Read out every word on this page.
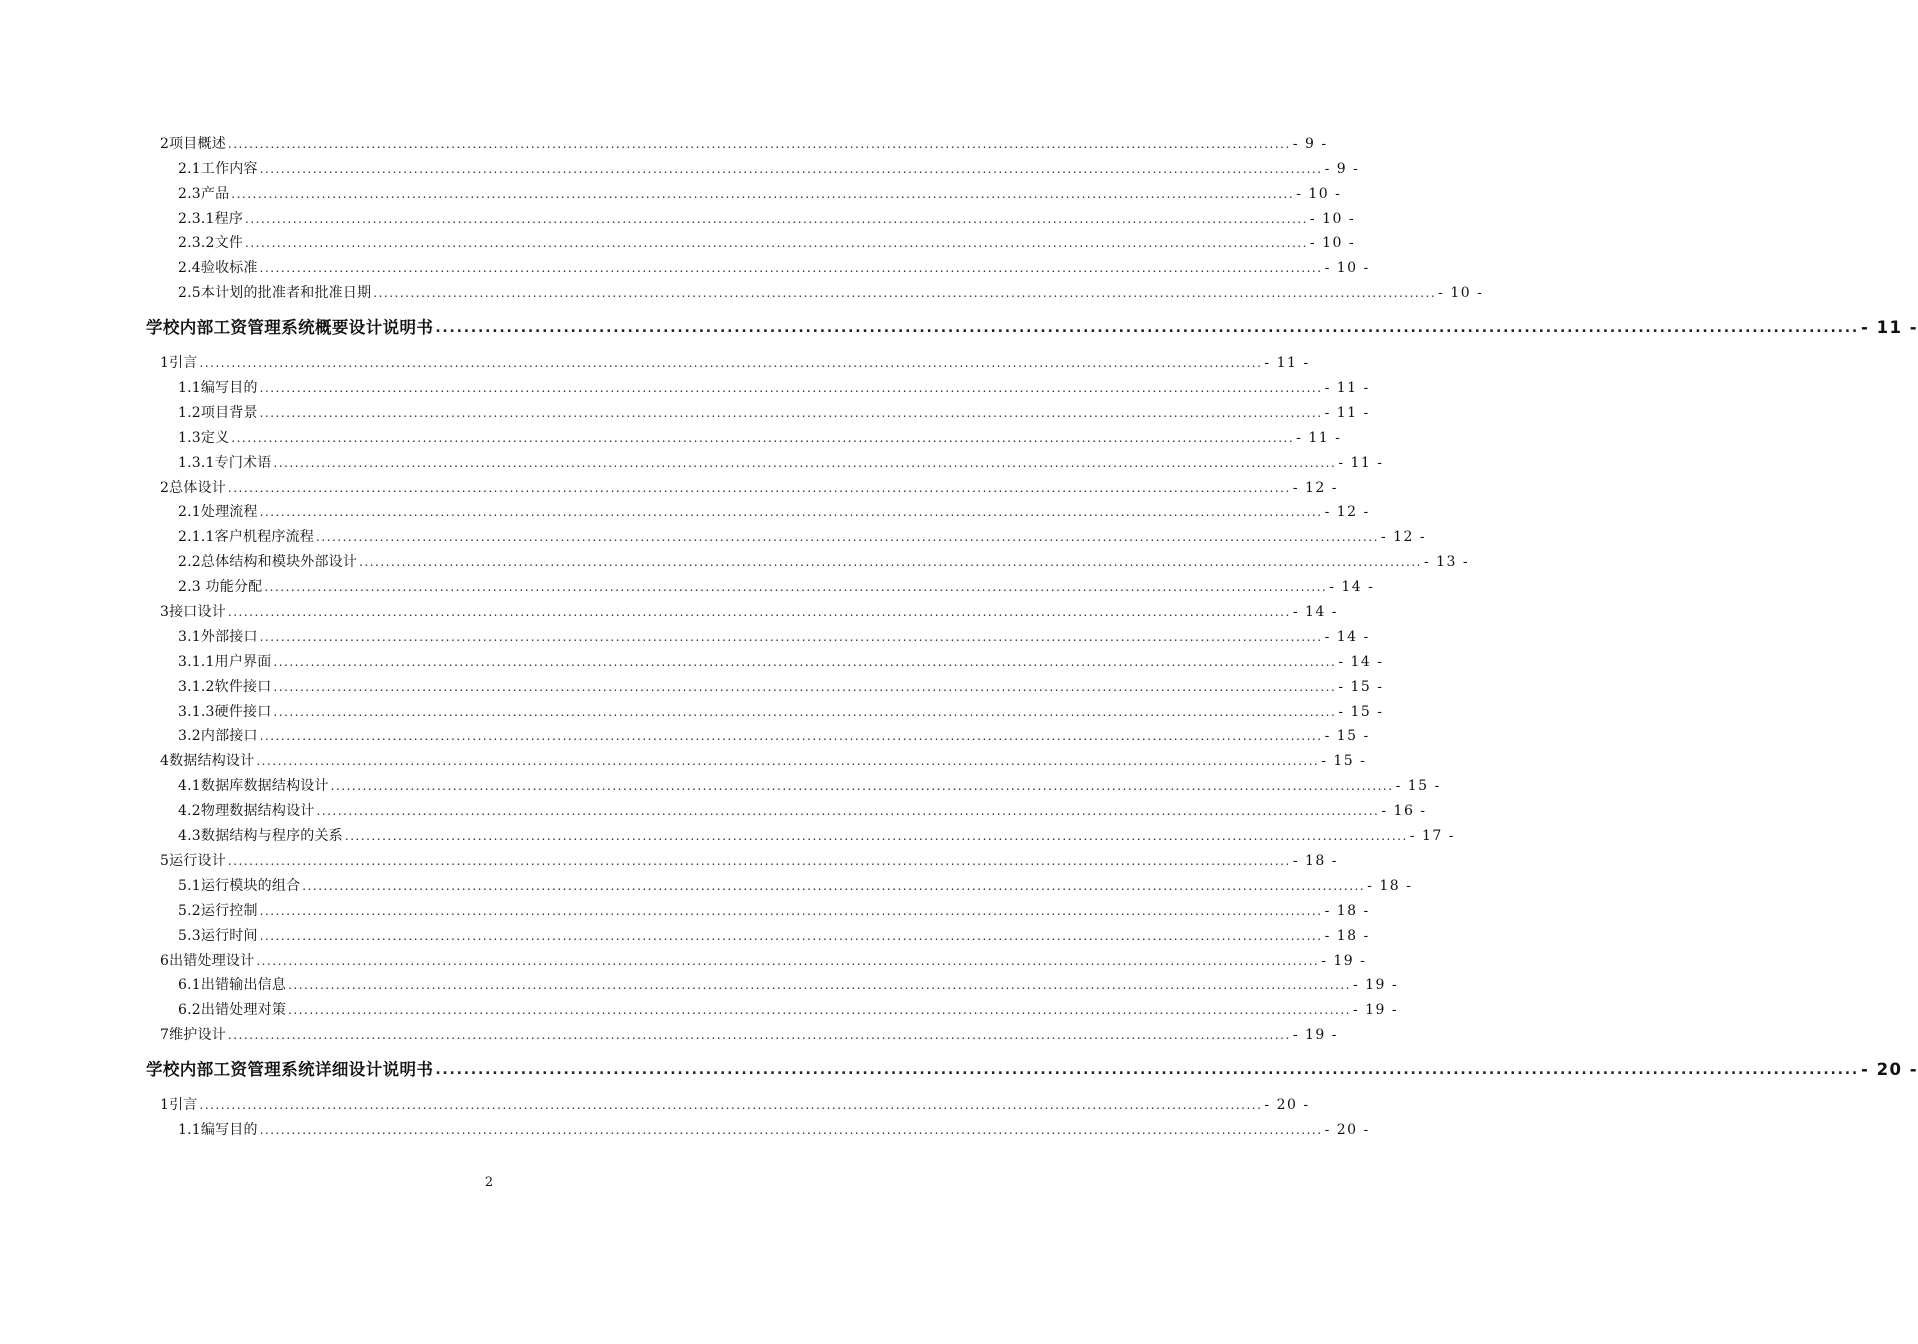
2项目概述 ........................................................................................................................................................................................................ - 9 -
2.1工作内容 ........................................................................................................................................................................................................ - 9 -
2.3产品 ........................................................................................................................................................................................................ - 10 -
2.3.1程序 ........................................................................................................................................................................................................ - 10 -
2.3.2文件 ........................................................................................................................................................................................................ - 10 -
2.4验收标准 ........................................................................................................................................................................................................ - 10 -
2.5本计划的批准者和批准日期 ........................................................................................................................................................................................................ - 10 -
学校内部工资管理系统概要设计说明书 ........................................................................................................................................................................................................ - 11 -
1引言 ........................................................................................................................................................................................................ - 11 -
1.1编写目的 ........................................................................................................................................................................................................ - 11 -
1.2项目背景 ........................................................................................................................................................................................................ - 11 -
1.3定义 ........................................................................................................................................................................................................ - 11 -
1.3.1专门术语 ........................................................................................................................................................................................................ - 11 -
2总体设计 ........................................................................................................................................................................................................ - 12 -
2.1处理流程 ........................................................................................................................................................................................................ - 12 -
2.1.1客户机程序流程 ........................................................................................................................................................................................................ - 12 -
2.2总体结构和模块外部设计 ........................................................................................................................................................................................................ - 13 -
2.3 功能分配 ........................................................................................................................................................................................................ - 14 -
3接口设计 ........................................................................................................................................................................................................ - 14 -
3.1外部接口 ........................................................................................................................................................................................................ - 14 -
3.1.1用户界面 ........................................................................................................................................................................................................ - 14 -
3.1.2软件接口 ........................................................................................................................................................................................................ - 15 -
3.1.3硬件接口 ........................................................................................................................................................................................................ - 15 -
3.2内部接口 ........................................................................................................................................................................................................ - 15 -
4数据结构设计 ........................................................................................................................................................................................................ - 15 -
4.1数据库数据结构设计 ........................................................................................................................................................................................................ - 15 -
4.2物理数据结构设计 ........................................................................................................................................................................................................ - 16 -
4.3数据结构与程序的关系 ........................................................................................................................................................................................................ - 17 -
5运行设计 ........................................................................................................................................................................................................ - 18 -
5.1运行模块的组合 ........................................................................................................................................................................................................ - 18 -
5.2运行控制 ........................................................................................................................................................................................................ - 18 -
5.3运行时间 ........................................................................................................................................................................................................ - 18 -
6出错处理设计 ........................................................................................................................................................................................................ - 19 -
6.1出错输出信息 ........................................................................................................................................................................................................ - 19 -
6.2出错处理对策 ........................................................................................................................................................................................................ - 19 -
7维护设计 ........................................................................................................................................................................................................ - 19 -
学校内部工资管理系统详细设计说明书 ........................................................................................................................................................................................................ - 20 -
1引言 ........................................................................................................................................................................................................ - 20 -
1.1编写目的 ........................................................................................................................................................................................................ - 20 -
2
